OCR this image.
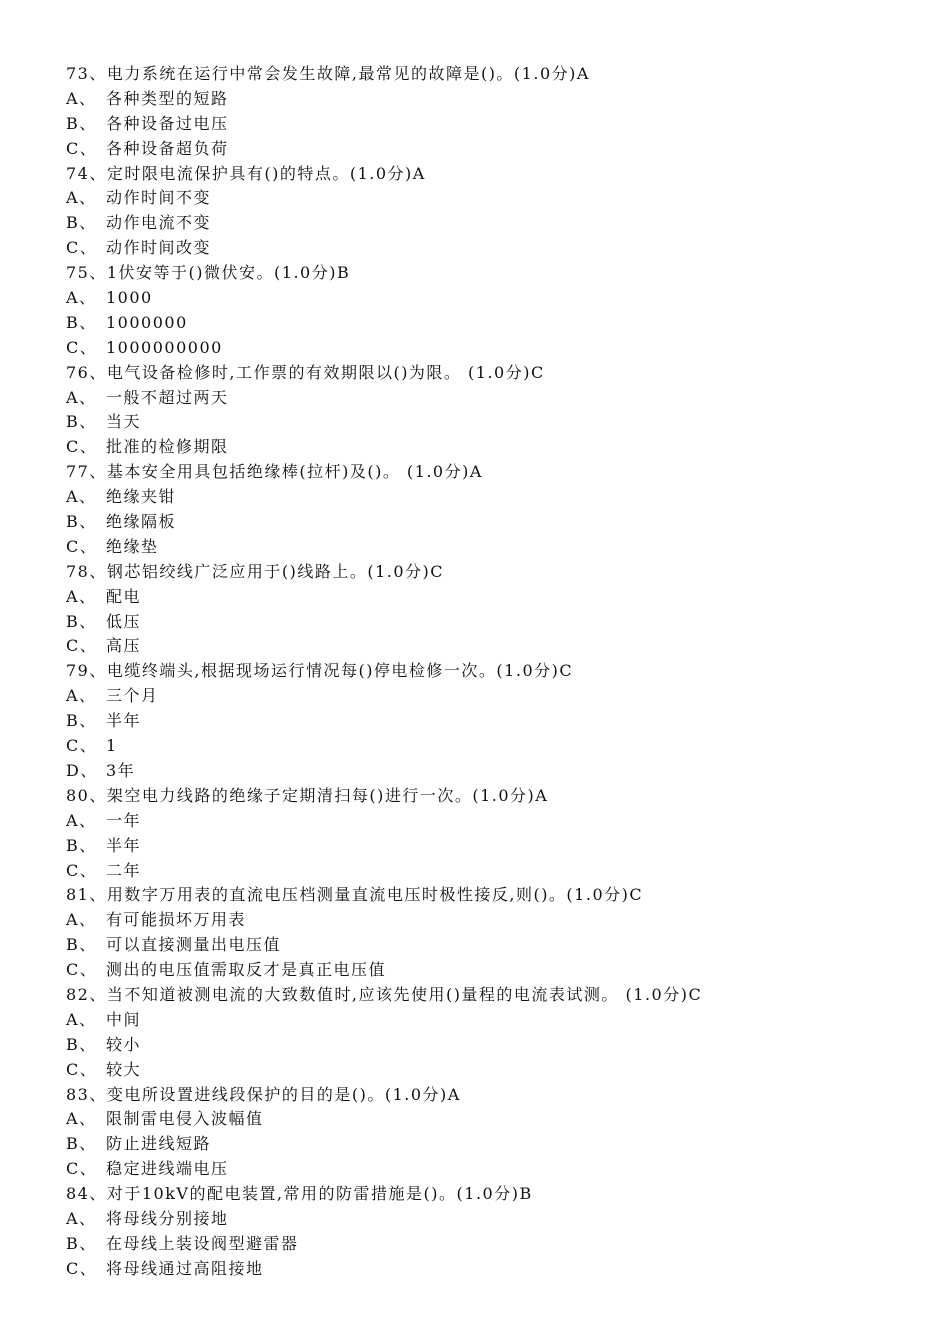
73、电力系统在运行中常会发生故障,最常见的故障是()。(1.0分)A
A、 各种类型的短路
B、 各种设备过电压
C、 各种设备超负荷
74、定时限电流保护具有()的特点。(1.0分)A
A、 动作时间不变
B、 动作电流不变
C、 动作时间改变
75、1伏安等于()微伏安。(1.0分)B
A、 1000
B、 1000000
C、 1000000000
76、电气设备检修时,工作票的有效期限以()为限。 (1.0分)C
A、 一般不超过两天
B、 当天
C、 批准的检修期限
77、基本安全用具包括绝缘棒(拉杆)及()。 (1.0分)A
A、 绝缘夹钳
B、 绝缘隔板
C、 绝缘垫
78、钢芯铝绞线广泛应用于()线路上。(1.0分)C
A、 配电
B、 低压
C、 高压
79、电缆终端头,根据现场运行情况每()停电检修一次。(1.0分)C
A、 三个月
B、 半年
C、 1
D、 3年
80、架空电力线路的绝缘子定期清扫每()进行一次。(1.0分)A
A、 一年
B、 半年
C、 二年
81、用数字万用表的直流电压档测量直流电压时极性接反,则()。(1.0分)C
A、 有可能损坏万用表
B、 可以直接测量出电压值
C、 测出的电压值需取反才是真正电压值
82、当不知道被测电流的大致数值时,应该先使用()量程的电流表试测。 (1.0分)C
A、 中间
B、 较小
C、 较大
83、变电所设置进线段保护的目的是()。(1.0分)A
A、 限制雷电侵入波幅值
B、 防止进线短路
C、 稳定进线端电压
84、对于10kV的配电装置,常用的防雷措施是()。(1.0分)B
A、 将母线分别接地
B、 在母线上装设阀型避雷器
C、 将母线通过高阻接地
